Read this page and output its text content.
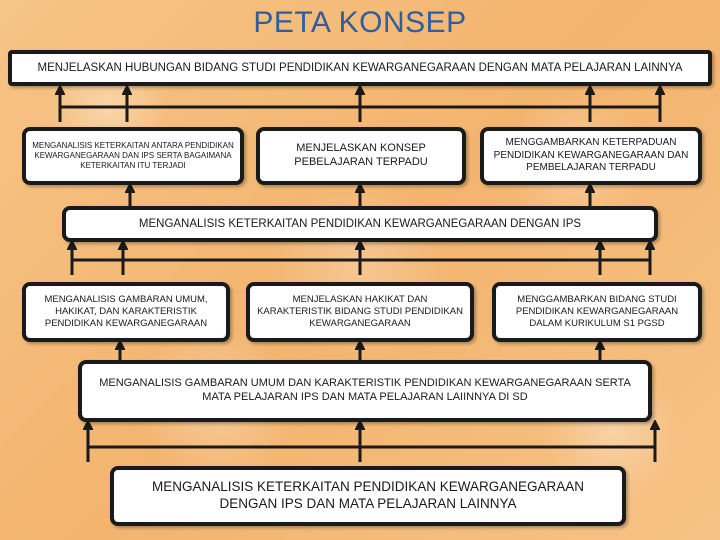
PETA KONSEP
MENJELASKAN HUBUNGAN BIDANG STUDI PENDIDIKAN KEWARGANEGARAAN DENGAN MATA PELAJARAN LAINNYA
MENGANALISIS KETERKAITAN ANTARA PENDIDIKAN KEWARGANEGARAAN DAN IPS SERTA BAGAIMANA KETERKAITAN ITU TERJADI
MENJELASKAN KONSEP PEBELAJARAN TERPADU
MENGGAMBARKAN KETERPADUAN PENDIDIKAN KEWARGANEGARAAN DAN PEMBELAJARAN TERPADU
MENGANALISIS KETERKAITAN PENDIDIKAN KEWARGANEGARAAN DENGAN IPS
MENGANALISIS GAMBARAN UMUM, HAKIKAT, DAN KARAKTERISTIK PENDIDIKAN KEWARGANEGARAAN
MENJELASKAN HAKIKAT DAN KARAKTERISTIK BIDANG STUDI PENDIDIKAN KEWARGANEGARAAN
MENGGAMBARKAN BIDANG STUDI PENDIDIKAN KEWARGANEGARAAN DALAM KURIKULUM S1 PGSD
MENGANALISIS GAMBARAN UMUM DAN KARAKTERISTIK PENDIDIKAN KEWARGANEGARAAN SERTA MATA PELAJARAN IPS DAN MATA PELAJARAN LAIINNYA DI SD
MENGANALISIS KETERKAITAN PENDIDIKAN KEWARGANEGARAAN DENGAN IPS DAN MATA PELAJARAN LAINNYA
